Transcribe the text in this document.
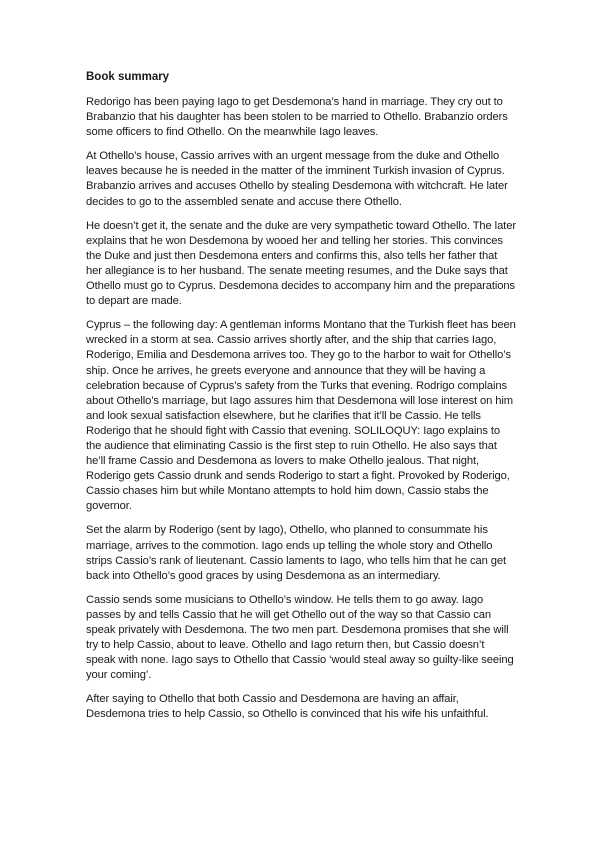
Book summary

Redorigo has been paying Iago to get Desdemona’s hand in marriage. They cry out to Brabanzio that his daughter has been stolen to be married to Othello. Brabanzio orders some officers to find Othello. On the meanwhile Iago leaves.

At Othello’s house, Cassio arrives with an urgent message from the duke and Othello leaves because he is needed in the matter of the imminent Turkish invasion of Cyprus. Brabanzio arrives and accuses Othello by stealing Desdemona with witchcraft. He later decides to go to the assembled senate and accuse there Othello.

He doesn’t get it, the senate and the duke are very sympathetic toward Othello. The later explains that he won Desdemona by wooed her and telling her stories. This convinces the Duke and just then Desdemona enters and confirms this, also tells her father that her allegiance is to her husband. The senate meeting resumes, and the Duke says that Othello must go to Cyprus. Desdemona decides to accompany him and the preparations to depart are made.

Cyprus – the following day: A gentleman informs Montano that the Turkish fleet has been wrecked in a storm at sea. Cassio arrives shortly after, and the ship that carries Iago, Roderigo, Emilia and Desdemona arrives too. They go to the harbor to wait for Othello’s ship. Once he arrives, he greets everyone and announce that they will be having a celebration because of Cyprus’s safety from the Turks that evening. Rodrigo complains about Othello’s marriage, but Iago assures him that Desdemona will lose interest on him and look sexual satisfaction elsewhere, but he clarifies that it’ll be Cassio. He tells Roderigo that he should fight with Cassio that evening. SOLILOQUY: Iago explains to the audience that eliminating Cassio is the first step to ruin Othello. He also says that he’ll frame Cassio and Desdemona as lovers to make Othello jealous. That night, Roderigo gets Cassio drunk and sends Roderigo to start a fight. Provoked by Roderigo, Cassio chases him but while Montano attempts to hold him down, Cassio stabs the governor.

Set the alarm by Roderigo (sent by Iago), Othello, who planned to consummate his marriage, arrives to the commotion. Iago ends up telling the whole story and Othello strips Cassio’s rank of lieutenant. Cassio laments to Iago, who tells him that he can get back into Othello’s good graces by using Desdemona as an intermediary.

Cassio sends some musicians to Othello’s window. He tells them to go away. Iago passes by and tells Cassio that he will get Othello out of the way so that Cassio can speak privately with Desdemona. The two men part. Desdemona promises that she will try to help Cassio, about to leave. Othello and Iago return then, but Cassio doesn’t speak with none. Iago says to Othello that Cassio ‘would steal away so guilty-like seeing your coming’.

After saying to Othello that both Cassio and Desdemona are having an affair, Desdemona tries to help Cassio, so Othello is convinced that his wife his unfaithful.
